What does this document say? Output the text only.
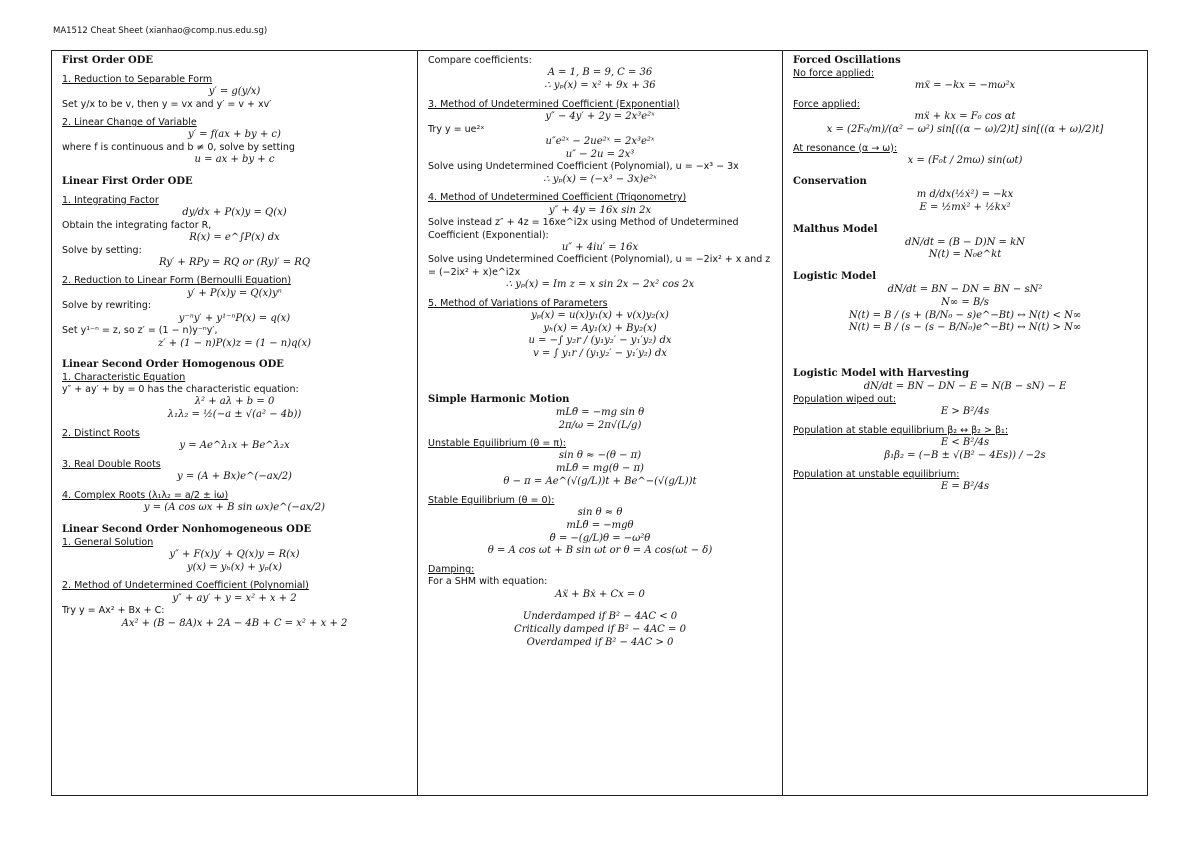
MA1512 Cheat Sheet (xianhao@comp.nus.edu.sg)
First Order ODE
1. Reduction to Separable Form
y′ = g(y/x)
Set y/x to be v, then y = vx and y′ = v + xv′
2. Linear Change of Variable
y′ = f(ax + by + c)
where f is continuous and b ≠ 0, solve by setting
u = ax + by + c
Linear First Order ODE
1. Integrating Factor
dy/dx + P(x)y = Q(x)
Obtain the integrating factor R,
R(x) = e^∫P(x) dx
Solve by setting:
Ry′ + RPy = RQ or (Ry)′ = RQ
2. Reduction to Linear Form (Bernoulli Equation)
y′ + P(x)y = Q(x)yⁿ
Solve by rewriting:
y⁻ⁿy′ + y¹⁻ⁿP(x) = q(x)
Set y¹⁻ⁿ = z, so z′ = (1 − n)y⁻ⁿy′,
z′ + (1 − n)P(x)z = (1 − n)q(x)
Linear Second Order Homogenous ODE
1. Characteristic Equation
y″ + ay′ + by = 0 has the characteristic equation:
λ² + aλ + b = 0
λ₁λ₂ = ½(−a ± √(a² − 4b))
2. Distinct Roots
y = Ae^λ₁x + Be^λ₂x
3. Real Double Roots
y = (A + Bx)e^(−ax/2)
4. Complex Roots (λ₁λ₂ = a/2 ± iω)
y = (A cos ωx + B sin ωx)e^(−ax/2)
Linear Second Order Nonhomogeneous ODE
1. General Solution
y″ + F(x)y′ + Q(x)y = R(x)
y(x) = yₕ(x) + yₚ(x)
2. Method of Undetermined Coefficient (Polynomial)
y″ + ay′ + y = x² + x + 2
Try y = Ax² + Bx + C:
Ax² + (B − 8A)x + 2A − 4B + C = x² + x + 2
Compare coefficients:
A = 1, B = 9, C = 36
∴ yₚ(x) = x² + 9x + 36
3. Method of Undetermined Coefficient (Exponential)
y″ − 4y′ + 2y = 2x³e²ˣ
Try y = ue²ˣ
u″e²ˣ − 2ue²ˣ = 2x³e²ˣ
u″ − 2u = 2x³
Solve using Undetermined Coefficient (Polynomial), u = −x³ − 3x
∴ yₚ(x) = (−x³ − 3x)e²ˣ
4. Method of Undetermined Coefficient (Trigonometry)
y″ + 4y = 16x sin 2x
Solve instead z″ + 4z = 16xe^i2x using Method of Undetermined Coefficient (Exponential):
u″ + 4iu′ = 16x
Solve using Undetermined Coefficient (Polynomial), u = −2ix² + x and z = (−2ix² + x)e^i2x
∴ yₚ(x) = Im z = x sin 2x − 2x² cos 2x
5. Method of Variations of Parameters
yₚ(x) = u(x)y₁(x) + v(x)y₂(x)
yₕ(x) = Ay₁(x) + By₂(x)
u = −∫ y₂r / (y₁y₂′ − y₁′y₂) dx
v = ∫ y₁r / (y₁y₂′ − y₁′y₂) dx
Simple Harmonic Motion
mLθ̈ = −mg sin θ
2π/ω = 2π√(L/g)
Unstable Equilibrium (θ = π):
sin θ ≈ −(θ − π)
mLθ̈ = mg(θ − π)
θ − π = Ae^(√(g/L))t + Be^−(√(g/L))t
Stable Equilibrium (θ = 0):
sin θ ≈ θ
mLθ̈ = −mgθ
θ̈ = −(g/L)θ = −ω²θ
θ = A cos ωt + B sin ωt or θ = A cos(ωt − δ)
Damping:
For a SHM with equation:
Aẍ + Bẋ + Cx = 0
Underdamped if B² − 4AC < 0
Critically damped if B² − 4AC = 0
Overdamped if B² − 4AC > 0
Forced Oscillations
No force applied:
mẍ = −kx = −mω²x
Force applied:
mẍ + kx = F₀ cos αt
x = (2F₀/m)/(α² − ω²) sin[((α − ω)/2)t] sin[((α + ω)/2)t]
At resonance (α → ω):
x = (F₀t / 2mω) sin(ωt)
Conservation
m d/dx(½ẋ²) = −kx
E = ½mẋ² + ½kx²
Malthus Model
dN/dt = (B − D)N = kN
N(t) = N₀e^kt
Logistic Model
dN/dt = BN − DN = BN − sN²
N∞ = B/s
N(t) = B / (s + (B/N₀ − s)e^−Bt) ↔ N(t) < N∞
N(t) = B / (s − (s − B/N₀)e^−Bt) ↔ N(t) > N∞
Logistic Model with Harvesting
dN/dt = BN − DN − E = N(B − sN) − E
Population wiped out:
E > B²/4s
Population at stable equilibrium β₂ ↔ β₂ > β₁:
E < B²/4s
β₁β₂ = (−B ± √(B² − 4Es)) / −2s
Population at unstable equilibrium:
E = B²/4s
